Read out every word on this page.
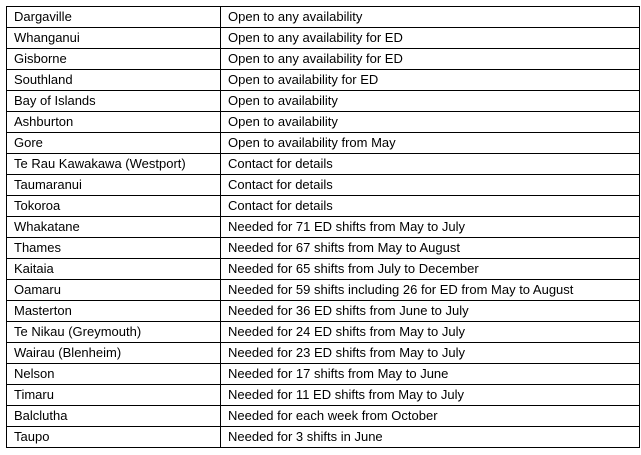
Dargaville	Open to any availability
Whanganui	Open to any availability for ED
Gisborne	Open to any availability for ED
Southland	Open to availability for ED
Bay of Islands	Open to availability
Ashburton	Open to availability
Gore	Open to availability from May
Te Rau Kawakawa (Westport)	Contact for details
Taumaranui	Contact for details
Tokoroa	Contact for details
Whakatane	Needed for 71 ED shifts from May to July
Thames	Needed for 67 shifts from May to August
Kaitaia	Needed for 65 shifts from July to December
Oamaru	Needed for 59 shifts including 26 for ED from May to August
Masterton	Needed for 36 ED shifts from June to July
Te Nikau (Greymouth)	Needed for 24 ED shifts from May to July
Wairau (Blenheim)	Needed for 23 ED shifts from May to July
Nelson	Needed for 17 shifts from May to June
Timaru	Needed for 11 ED shifts from May to July
Balclutha	Needed for each week from October
Taupo	Needed for 3 shifts in June
